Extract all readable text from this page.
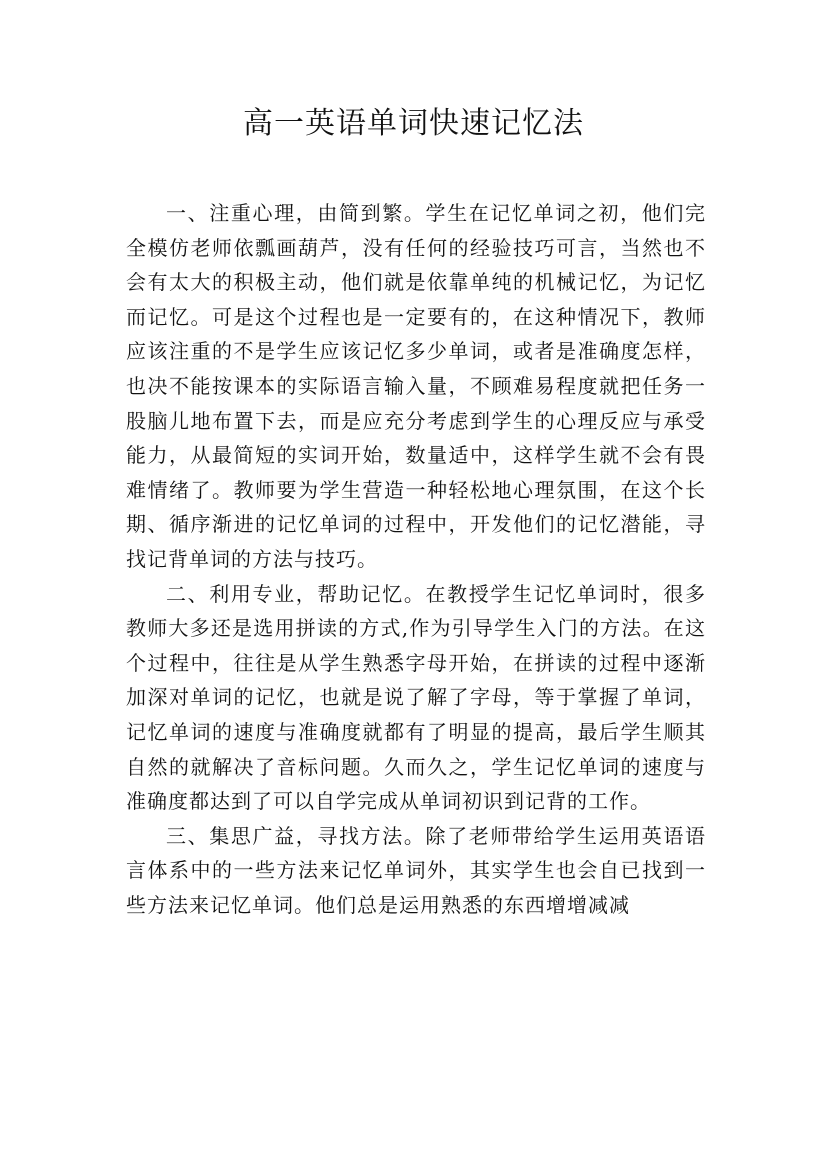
高一英语单词快速记忆法

一、注重心理，由简到繁。学生在记忆单词之初，他们完全模仿老师依瓢画葫芦，没有任何的经验技巧可言，当然也不会有太大的积极主动，他们就是依靠单纯的机械记忆，为记忆而记忆。可是这个过程也是一定要有的，在这种情况下，教师应该注重的不是学生应该记忆多少单词，或者是准确度怎样，也决不能按课本的实际语言输入量，不顾难易程度就把任务一股脑儿地布置下去，而是应充分考虑到学生的心理反应与承受能力，从最简短的实词开始，数量适中，这样学生就不会有畏难情绪了。教师要为学生营造一种轻松地心理氛围，在这个长期、循序渐进的记忆单词的过程中，开发他们的记忆潜能，寻找记背单词的方法与技巧。

二、利用专业，帮助记忆。在教授学生记忆单词时，很多教师大多还是选用拼读的方式,作为引导学生入门的方法。在这个过程中，往往是从学生熟悉字母开始，在拼读的过程中逐渐加深对单词的记忆，也就是说了解了字母，等于掌握了单词，记忆单词的速度与准确度就都有了明显的提高，最后学生顺其自然的就解决了音标问题。久而久之，学生记忆单词的速度与准确度都达到了可以自学完成从单词初识到记背的工作。

三、集思广益，寻找方法。除了老师带给学生运用英语语言体系中的一些方法来记忆单词外，其实学生也会自已找到一些方法来记忆单词。他们总是运用熟悉的东西增增减减
